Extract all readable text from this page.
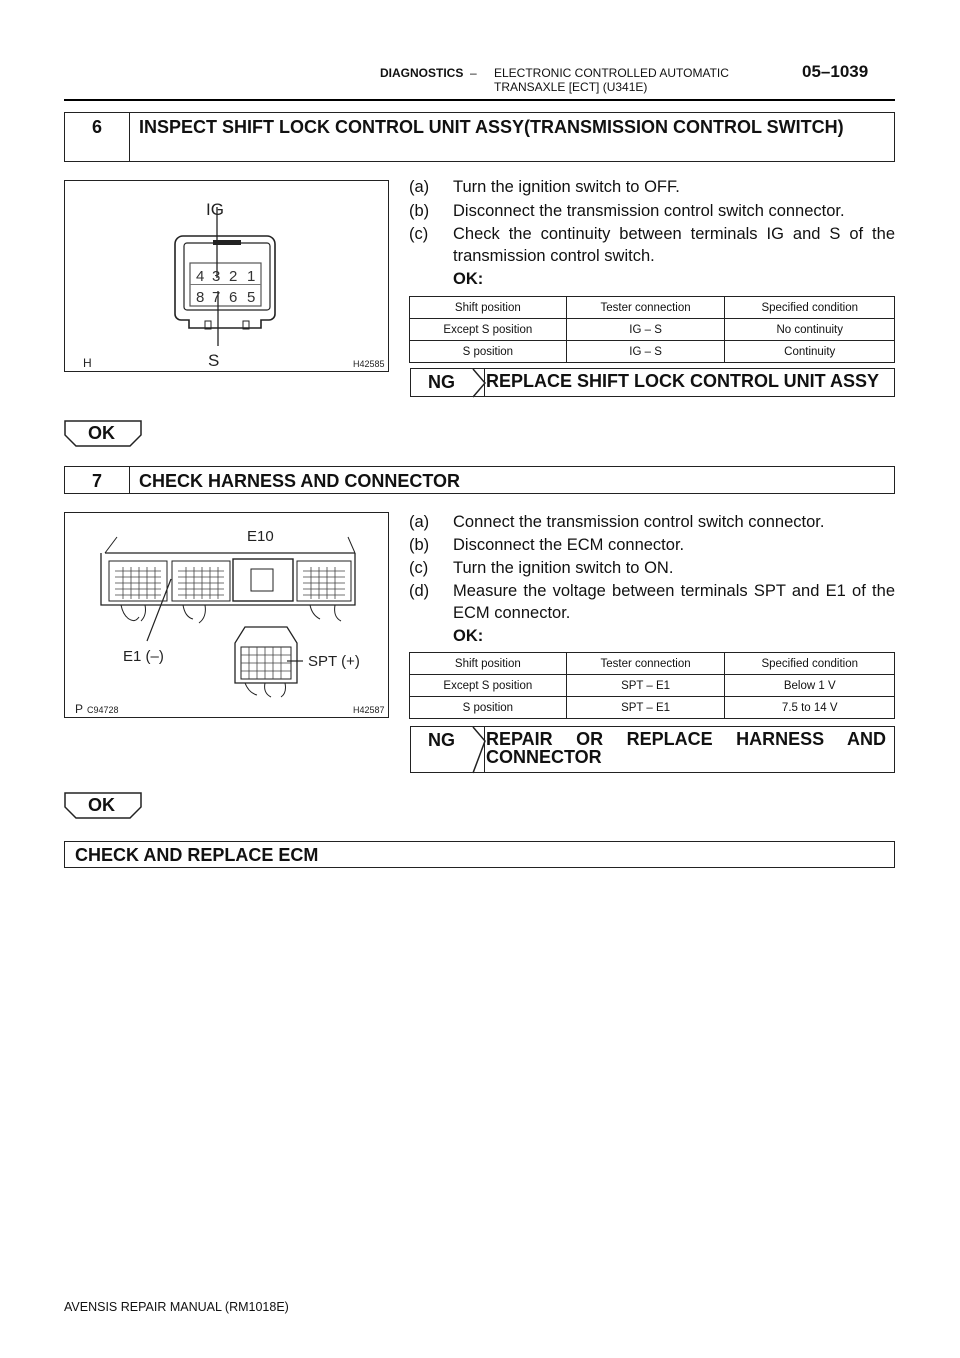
DIAGNOSTICS – ELECTRONIC CONTROLLED AUTOMATIC
TRANSAXLE [ECT] (U341E)
05–1039
6	INSPECT SHIFT LOCK CONTROL UNIT ASSY(TRANSMISSION CONTROL SWITCH)
IG
S
4 3 2 1
8 7 6 5
H	H42585
(a) Turn the ignition switch to OFF.
(b) Disconnect the transmission control switch connector.
(c) Check the continuity between terminals IG and S of the transmission control switch.
OK:
Shift position	Tester connection	Specified condition
Except S position	IG – S	No continuity
S position	IG – S	Continuity
NG	REPLACE SHIFT LOCK CONTROL UNIT ASSY
OK
7	CHECK HARNESS AND CONNECTOR
E10
E1 (–)	SPT (+)
P C94728	H42587
(a) Connect the transmission control switch connector.
(b) Disconnect the ECM connector.
(c) Turn the ignition switch to ON.
(d) Measure the voltage between terminals SPT and E1 of the ECM connector.
OK:
Shift position	Tester connection	Specified condition
Except S position	SPT – E1	Below 1 V
S position	SPT – E1	7.5 to 14 V
NG	REPAIR OR REPLACE HARNESS AND CONNECTOR
OK
CHECK AND REPLACE ECM
AVENSIS REPAIR MANUAL (RM1018E)
